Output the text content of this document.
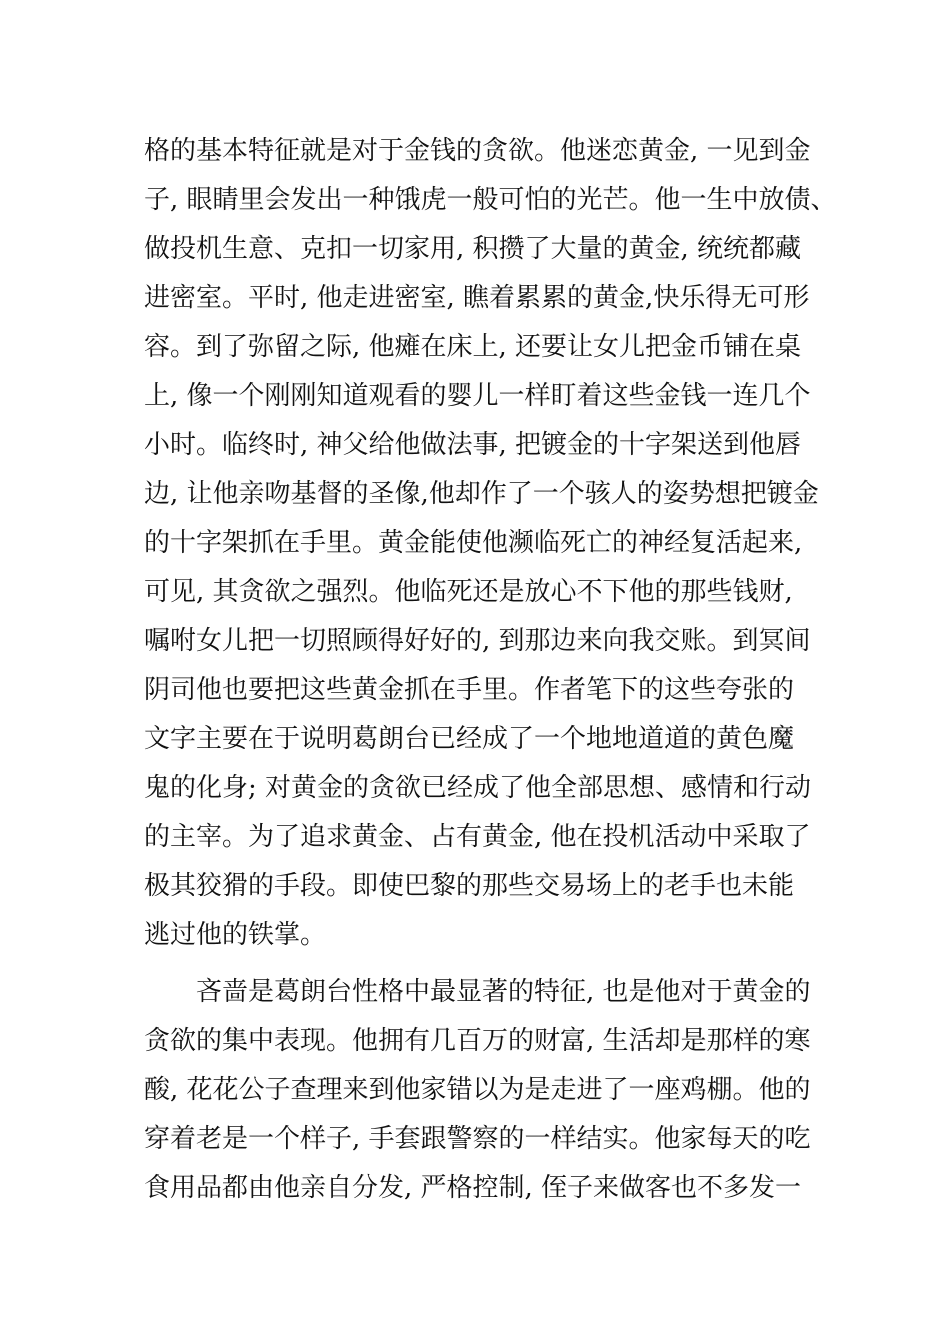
格的基本特征就是对于金钱的贪欲。他迷恋黄金, 一见到金

子, 眼睛里会发出一种饿虎一般可怕的光芒。他一生中放债、

做投机生意、克扣一切家用, 积攒了大量的黄金, 统统都藏

进密室。平时, 他走进密室, 瞧着累累的黄金,快乐得无可形

容。到了弥留之际, 他瘫在床上, 还要让女儿把金币铺在桌

上, 像一个刚刚知道观看的婴儿一样盯着这些金钱一连几个

小时。临终时, 神父给他做法事, 把镀金的十字架送到他唇

边, 让他亲吻基督的圣像,他却作了一个骇人的姿势想把镀金

的十字架抓在手里。黄金能使他濒临死亡的神经复活起来,

可见, 其贪欲之强烈。他临死还是放心不下他的那些钱财,

嘱咐女儿把一切照顾得好好的, 到那边来向我交账。到冥间

阴司他也要把这些黄金抓在手里。作者笔下的这些夸张的

文字主要在于说明葛朗台已经成了一个地地道道的黄色魔

鬼的化身; 对黄金的贪欲已经成了他全部思想、感情和行动

的主宰。为了追求黄金、占有黄金, 他在投机活动中采取了

极其狡猾的手段。即使巴黎的那些交易场上的老手也未能

逃过他的铁掌。

　　吝啬是葛朗台性格中最显著的特征, 也是他对于黄金的

贪欲的集中表现。他拥有几百万的财富, 生活却是那样的寒

酸, 花花公子查理来到他家错以为是走进了一座鸡棚。他的

穿着老是一个样子, 手套跟警察的一样结实。他家每天的吃

食用品都由他亲自分发, 严格控制, 侄子来做客也不多发一
